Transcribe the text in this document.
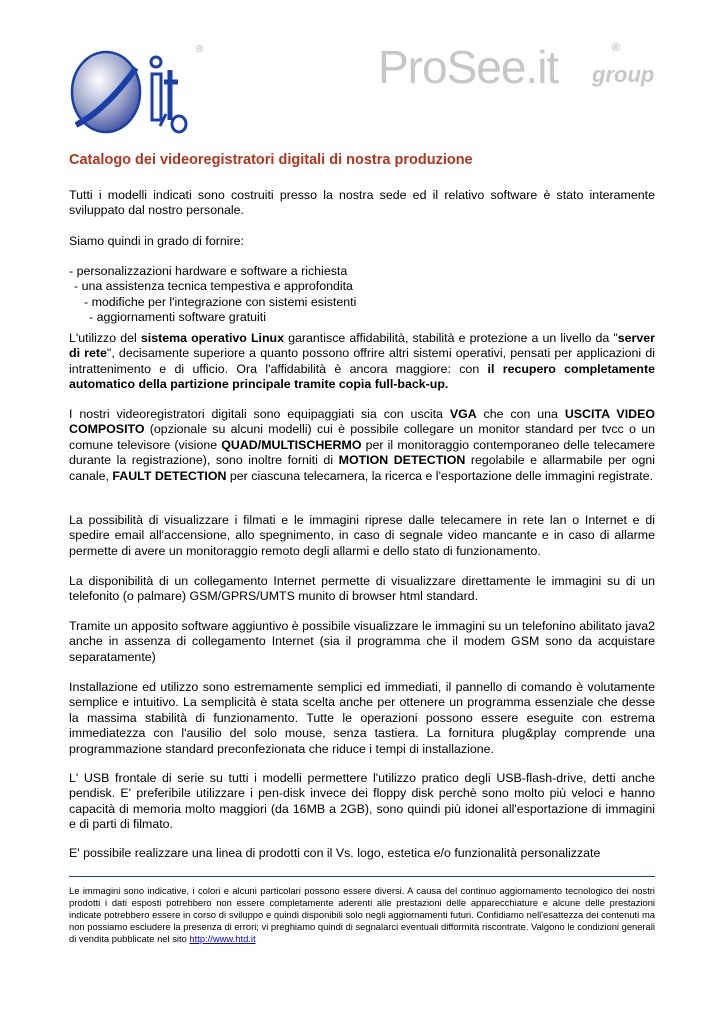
®	ProSee.it	®
group
Catalogo dei videoregistratori digitali di nostra produzione

Tutti i modelli indicati sono costruiti presso la nostra sede ed il relativo software è stato interamente sviluppato dal nostro personale.

Siamo quindi in grado di fornire:

- personalizzazioni hardware e software a richiesta
- una assistenza tecnica tempestiva e approfondita
- modifiche per l'integrazione con sistemi esistenti
- aggiornamenti software gratuiti

L'utilizzo del sistema operativo Linux garantisce affidabilità, stabilità e protezione a un livello da "server di rete", decisamente superiore a quanto possono offrire altri sistemi operativi, pensati per applicazioni di intrattenimento e di ufficio. Ora l'affidabilità è ancora maggiore: con il recupero completamente automatico della partizione principale tramite copia full-back-up.

I nostri videoregistratori digitali sono equipaggiati sia con uscita VGA che con una USCITA VIDEO COMPOSITO (opzionale su alcuni modelli) cui è possibile collegare un monitor standard per tvcc o un comune televisore (visione QUAD/MULTISCHERMO per il monitoraggio contemporaneo delle telecamere durante la registrazione), sono inoltre forniti di MOTION DETECTION regolabile e allarmabile per ogni canale, FAULT DETECTION per ciascuna telecamera, la ricerca e l'esportazione delle immagini registrate.

La possibilità di visualizzare i filmati e le immagini riprese dalle telecamere in rete lan o Internet e di spedire email all'accensione, allo spegnimento, in caso di segnale video mancante e in caso di allarme permette di avere un monitoraggio remoto degli allarmi e dello stato di funzionamento.

La disponibilità di un collegamento Internet permette di visualizzare direttamente le immagini su di un telefonito (o palmare) GSM/GPRS/UMTS munito di browser html standard.

Tramite un apposito software aggiuntivo è possibile visualizzare le immagini su un telefonino abilitato java2 anche in assenza di collegamento Internet (sia il programma che il modem GSM sono da acquistare separatamente)

Installazione ed utilizzo sono estremamente semplici ed immediati, il pannello di comando è volutamente semplice e intuitivo. La semplicità è stata scelta anche per ottenere un programma essenziale che desse la massima stabilità di funzionamento. Tutte le operazioni possono essere eseguite con estrema immediatezza con l'ausilio del solo mouse, senza tastiera. La fornitura plug&play comprende una programmazione standard preconfezionata che riduce i tempi di installazione.

L' USB frontale di serie su tutti i modelli permettere l'utilizzo pratico degli USB-flash-drive, detti anche pendisk. E' preferibile utilizzare i pen-disk invece dei floppy disk perchè sono molto più veloci e hanno capacità di memoria molto maggiori (da 16MB a 2GB), sono quindi più idonei all'esportazione di immagini e di parti di filmato.

E' possibile realizzare una linea di prodotti con il Vs. logo, estetica e/o funzionalità personalizzate

Le immagini sono indicative, i colori e alcuni particolari possono essere diversi. A causa del continuo aggiornamento tecnologico dei nostri prodotti i dati esposti potrebbero non essere completamente aderenti alle prestazioni delle apparecchiature e alcune delle prestazioni indicate potrebbero essere in corso di sviluppo e quindi disponibili solo negli aggiornamenti futuri. Confidiamo nell'esattezza dei contenuti ma non possiamo escludere la presenza di errori; vi preghiamo quindi di segnalarci eventuali difformità riscontrate. Valgono le condizioni generali di vendita pubblicate nel sito http://www.htd.it
